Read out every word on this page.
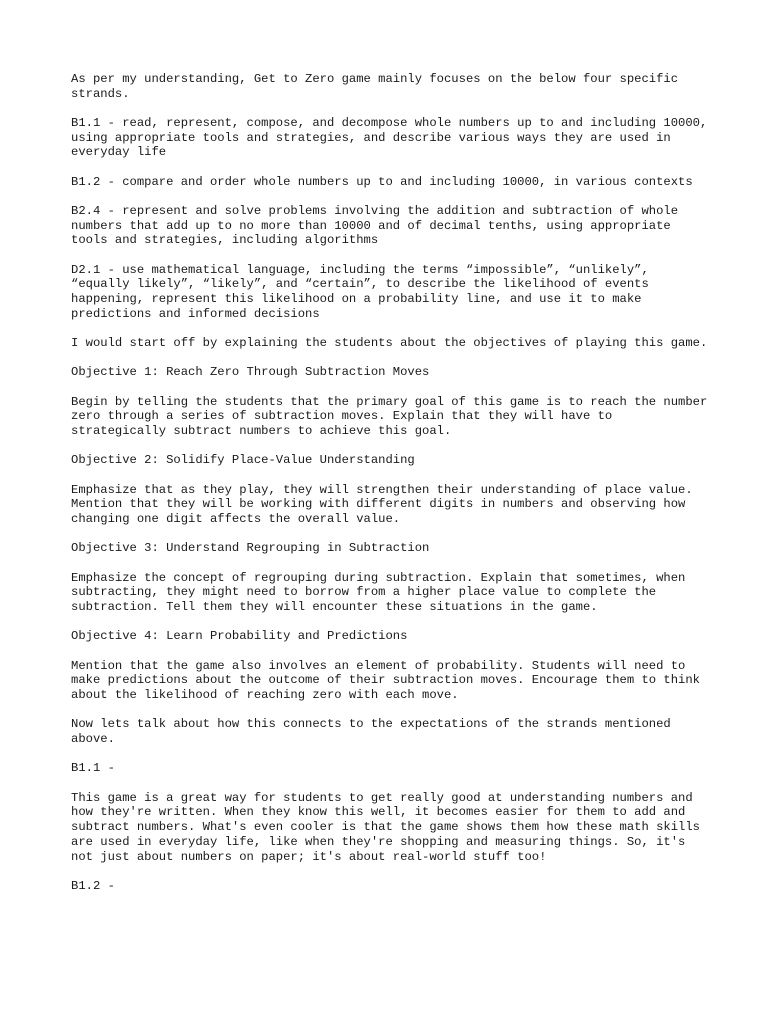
As per my understanding, Get to Zero game mainly focuses on the below four specific strands.

B1.1 - read, represent, compose, and decompose whole numbers up to and including 10000, using appropriate tools and strategies, and describe various ways they are used in everyday life

B1.2 - compare and order whole numbers up to and including 10000, in various contexts

B2.4 - represent and solve problems involving the addition and subtraction of whole numbers that add up to no more than 10000 and of decimal tenths, using appropriate tools and strategies, including algorithms

D2.1 - use mathematical language, including the terms “impossible”, “unlikely”, “equally likely”, “likely”, and “certain”, to describe the likelihood of events happening, represent this likelihood on a probability line, and use it to make predictions and informed decisions

I would start off by explaining the students about the objectives of playing this game.

Objective 1: Reach Zero Through Subtraction Moves

Begin by telling the students that the primary goal of this game is to reach the number zero through a series of subtraction moves. Explain that they will have to strategically subtract numbers to achieve this goal.

Objective 2: Solidify Place-Value Understanding

Emphasize that as they play, they will strengthen their understanding of place value. Mention that they will be working with different digits in numbers and observing how changing one digit affects the overall value.

Objective 3: Understand Regrouping in Subtraction

Emphasize the concept of regrouping during subtraction. Explain that sometimes, when subtracting, they might need to borrow from a higher place value to complete the subtraction. Tell them they will encounter these situations in the game.

Objective 4: Learn Probability and Predictions

Mention that the game also involves an element of probability. Students will need to make predictions about the outcome of their subtraction moves. Encourage them to think about the likelihood of reaching zero with each move.

Now lets talk about how this connects to the expectations of the strands mentioned above.

B1.1 -

This game is a great way for students to get really good at understanding numbers and how they're written. When they know this well, it becomes easier for them to add and subtract numbers. What's even cooler is that the game shows them how these math skills are used in everyday life, like when they're shopping and measuring things. So, it's not just about numbers on paper; it's about real-world stuff too!

B1.2 -
